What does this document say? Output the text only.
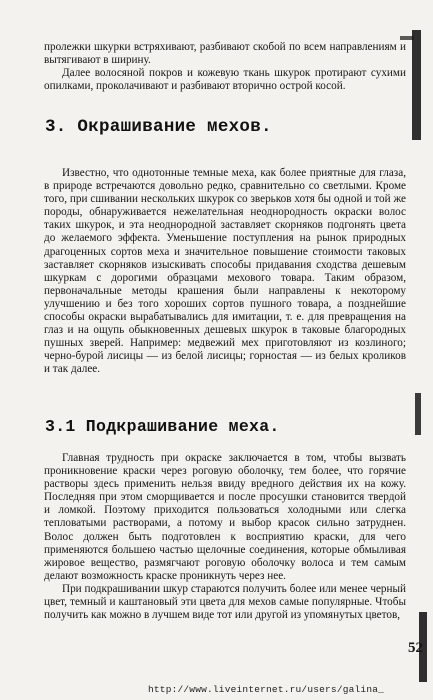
пролежки шкурки встряхивают, разбивают скобой по всем направлениям и вытягивают в ширину.

Далее волосяной покров и кожевую ткань шкурок протирают сухими опилками, проколачивают и разбивают вторично острой косой.

3. Окрашивание мехов.

Известно, что однотонные темные меха, как более приятные для глаза, в природе встречаются довольно редко, сравнительно со светлыми. Кроме того, при сшивании нескольких шкурок со зверьков хотя бы одной и той же породы, обнаруживается нежелательная неоднородность окраски волос таких шкурок, и эта неоднородной заставляет скорняков подгонять цвета до желаемого эффекта. Уменьшение поступления на рынок природных драгоценных сортов меха и значительное повышение стоимости таковых заставляет скорняков изыскивать способы придавания сходства дешевым шкуркам с дорогими образцами мехового товара. Таким образом, первоначальные методы крашения были направлены к некоторому улучшению и без того хороших сортов пушного товара, а позднейшие способы окраски вырабатывались для имитации, т. е. для превращения на глаз и на ощупь обыкновенных дешевых шкурок в таковые благородных пушных зверей. Например: медвежий мех приготовляют из козлиного; черно-бурой лисицы — из белой лисицы; горностая — из белых кроликов и так далее.

3.1 Подкрашивание меха.

Главная трудность при окраске заключается в том, чтобы вызвать проникновение краски через роговую оболочку, тем более, что горячие растворы здесь применить нельзя ввиду вредного действия их на кожу. Последняя при этом сморщивается и после просушки становится твердой и ломкой. Поэтому приходится пользоваться холодными или слегка тепловатыми растворами, а потому и выбор красок сильно затруднен. Волос должен быть подготовлен к восприятию краски, для чего применяются большею частью щелочные соединения, которые обмыливая жировое вещество, размягчают роговую оболочку волоса и тем самым делают возможность краске проникнуть через нее.

При подкрашивании шкур стараются получить более или менее черный цвет, темный и каштановый эти цвета для мехов самые популярные. Чтобы получить как можно в лучшем виде тот или другой из упомянутых цветов,

52
http://www.liveinternet.ru/users/galina_
